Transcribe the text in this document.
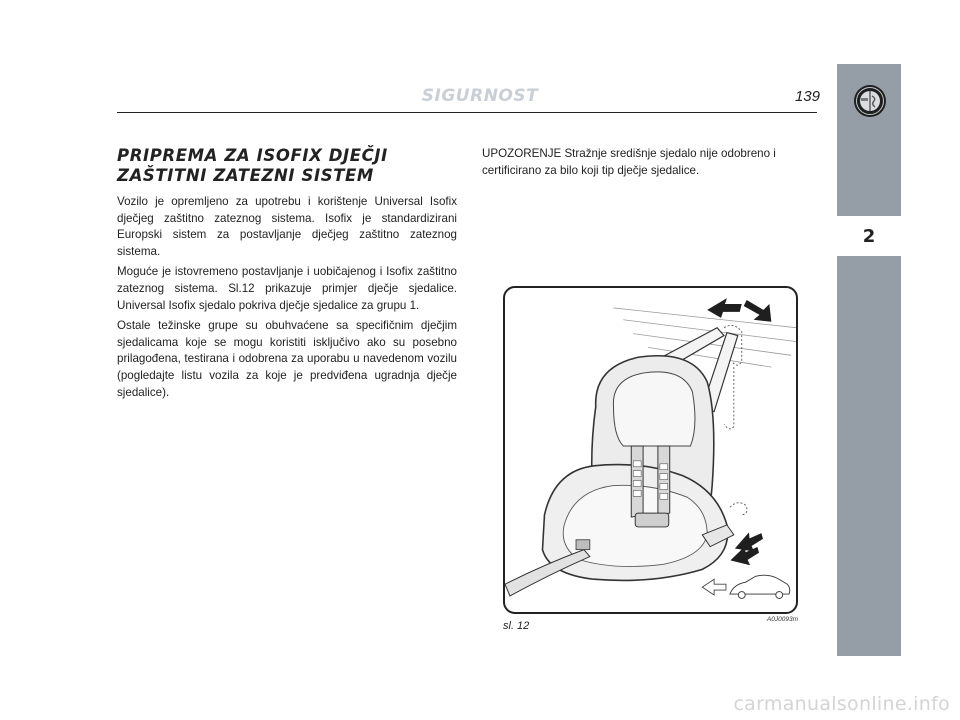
SIGURNOST	139
2
PRIPREMA ZA ISOFIX DJEČJI
ZAŠTITNI ZATEZNI SISTEM

Vozilo je opremljeno za upotrebu i korištenje Universal Isofix dječjeg zaštitno zateznog sistema. Isofix je standardizirani Europski sistem za postavljanje dječjeg zaštitno zateznog sistema.

Moguće je istovremeno postavljanje i uobičajenog i Isofix zaštitno zateznog sistema. Sl.12 prikazuje primjer dječje sjedalice. Universal Isofix sjedalo pokriva dječje sjedalice za grupu 1.

Ostale težinske grupe su obuhvaćene sa specifičnim dječjim sjedalicama koje se mogu koristiti isključivo ako su posebno prilagođena, testirana i odobrena za uporabu u navedenom vozilu (pogledajte listu vozila za koje je predviđena ugradnja dječje sjedalice).

UPOZORENJE Stražnje središnje sjedalo nije odobreno i certificirano za bilo koji tip dječje sjedalice.

A0J0093m
sl. 12
carmanualsonline.info
